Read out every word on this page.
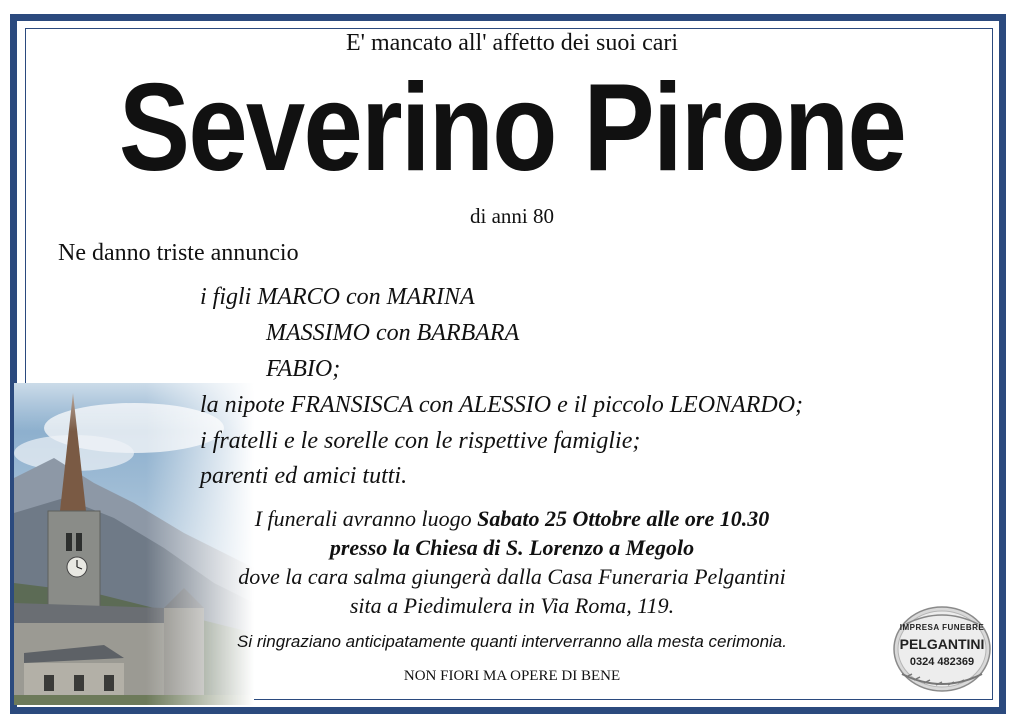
E' mancato all' affetto dei suoi cari
Severino Pirone
di anni 80
Ne danno triste annuncio
i figli MARCO con MARINA
MASSIMO con BARBARA
FABIO;
la nipote FRANSISCA con ALESSIO e il piccolo LEONARDO;
i fratelli e le sorelle con le rispettive famiglie;
parenti ed amici tutti.
I funerali avranno luogo Sabato 25 Ottobre alle ore 10.30
presso la Chiesa di S. Lorenzo a Megolo
dove la cara salma giungerà dalla Casa Funeraria Pelgantini
sita a Piedimulera in Via Roma, 119.
Si ringraziano anticipatamente quanti interverranno alla mesta cerimonia.
NON FIORI MA OPERE DI BENE
IMPRESA FUNEBRE
PELGANTINI
0324 482369
